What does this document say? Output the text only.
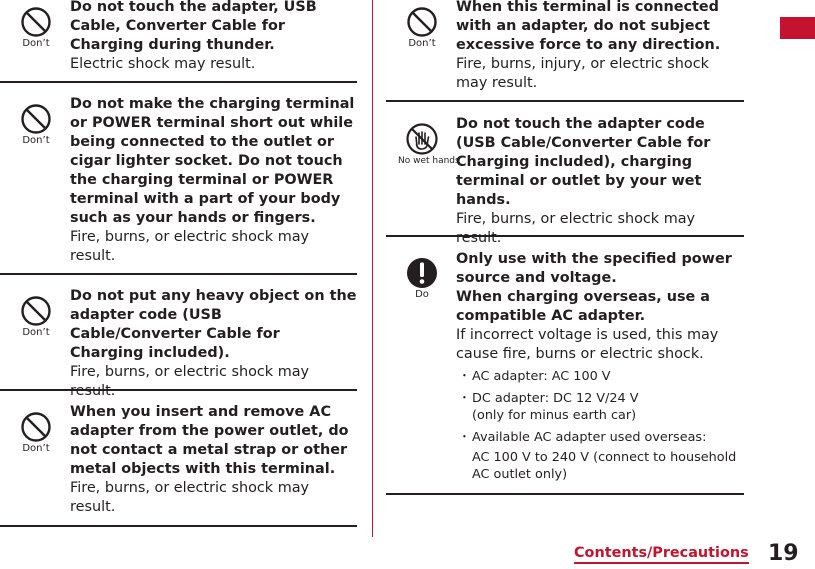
Don’t
Do not touch the adapter, USB Cable, Converter Cable for Charging during thunder.
Electric shock may result.
Don’t
Do not make the charging terminal or POWER terminal short out while being connected to the outlet or cigar lighter socket. Do not touch the charging terminal or POWER terminal with a part of your body such as your hands or fingers.
Fire, burns, or electric shock may result.
Don’t
Do not put any heavy object on the adapter code (USB Cable/Converter Cable for Charging included).
Fire, burns, or electric shock may result.
Don’t
When you insert and remove AC adapter from the power outlet, do not contact a metal strap or other metal objects with this terminal.
Fire, burns, or electric shock may result.
Don’t
When this terminal is connected with an adapter, do not subject excessive force to any direction.
Fire, burns, injury, or electric shock may result.
No wet hands
Do not touch the adapter code (USB Cable/Converter Cable for Charging included), charging terminal or outlet by your wet hands.
Fire, burns, or electric shock may result.
Do
Only use with the specified power source and voltage.
When charging overseas, use a compatible AC adapter.
If incorrect voltage is used, this may cause fire, burns or electric shock.
・ AC adapter: AC 100 V
・ DC adapter: DC 12 V/24 V
(only for minus earth car)
・ Available AC adapter used overseas:
AC 100 V to 240 V (connect to household AC outlet only)
Contents/Precautions 19
